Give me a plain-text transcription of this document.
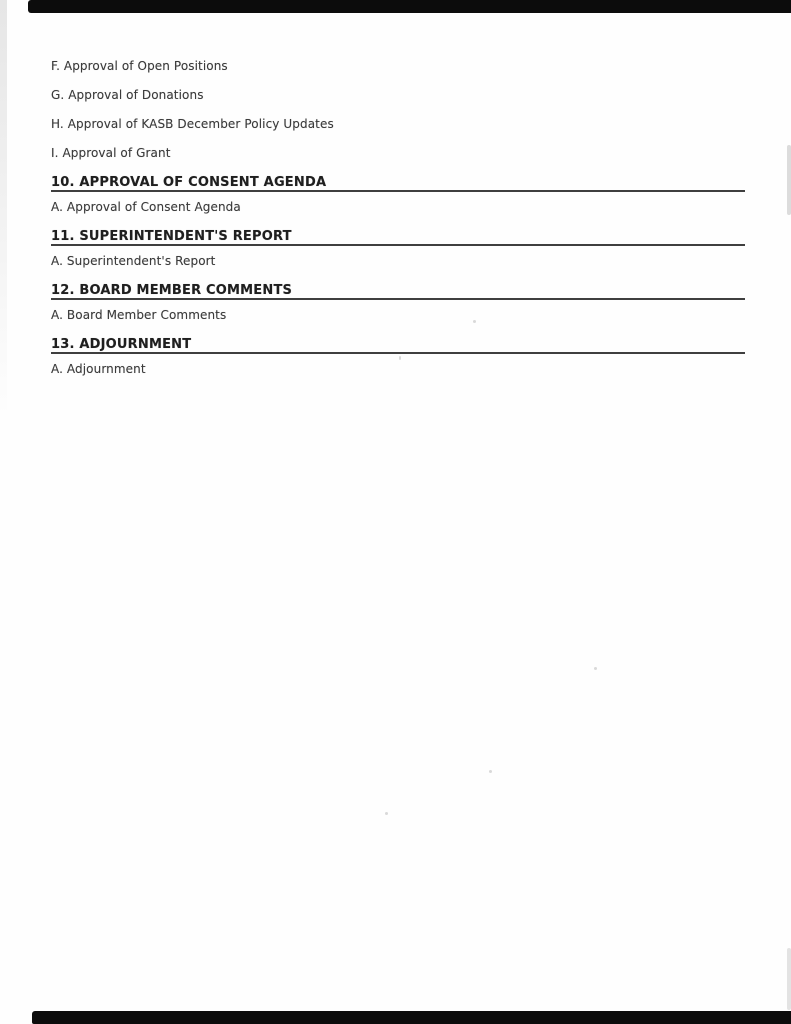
F. Approval of Open Positions

G. Approval of Donations

H. Approval of KASB December Policy Updates

I. Approval of Grant

10. APPROVAL OF CONSENT AGENDA

A. Approval of Consent Agenda

11. SUPERINTENDENT'S REPORT

A. Superintendent's Report

12. BOARD MEMBER COMMENTS

A. Board Member Comments

13. ADJOURNMENT

A. Adjournment
